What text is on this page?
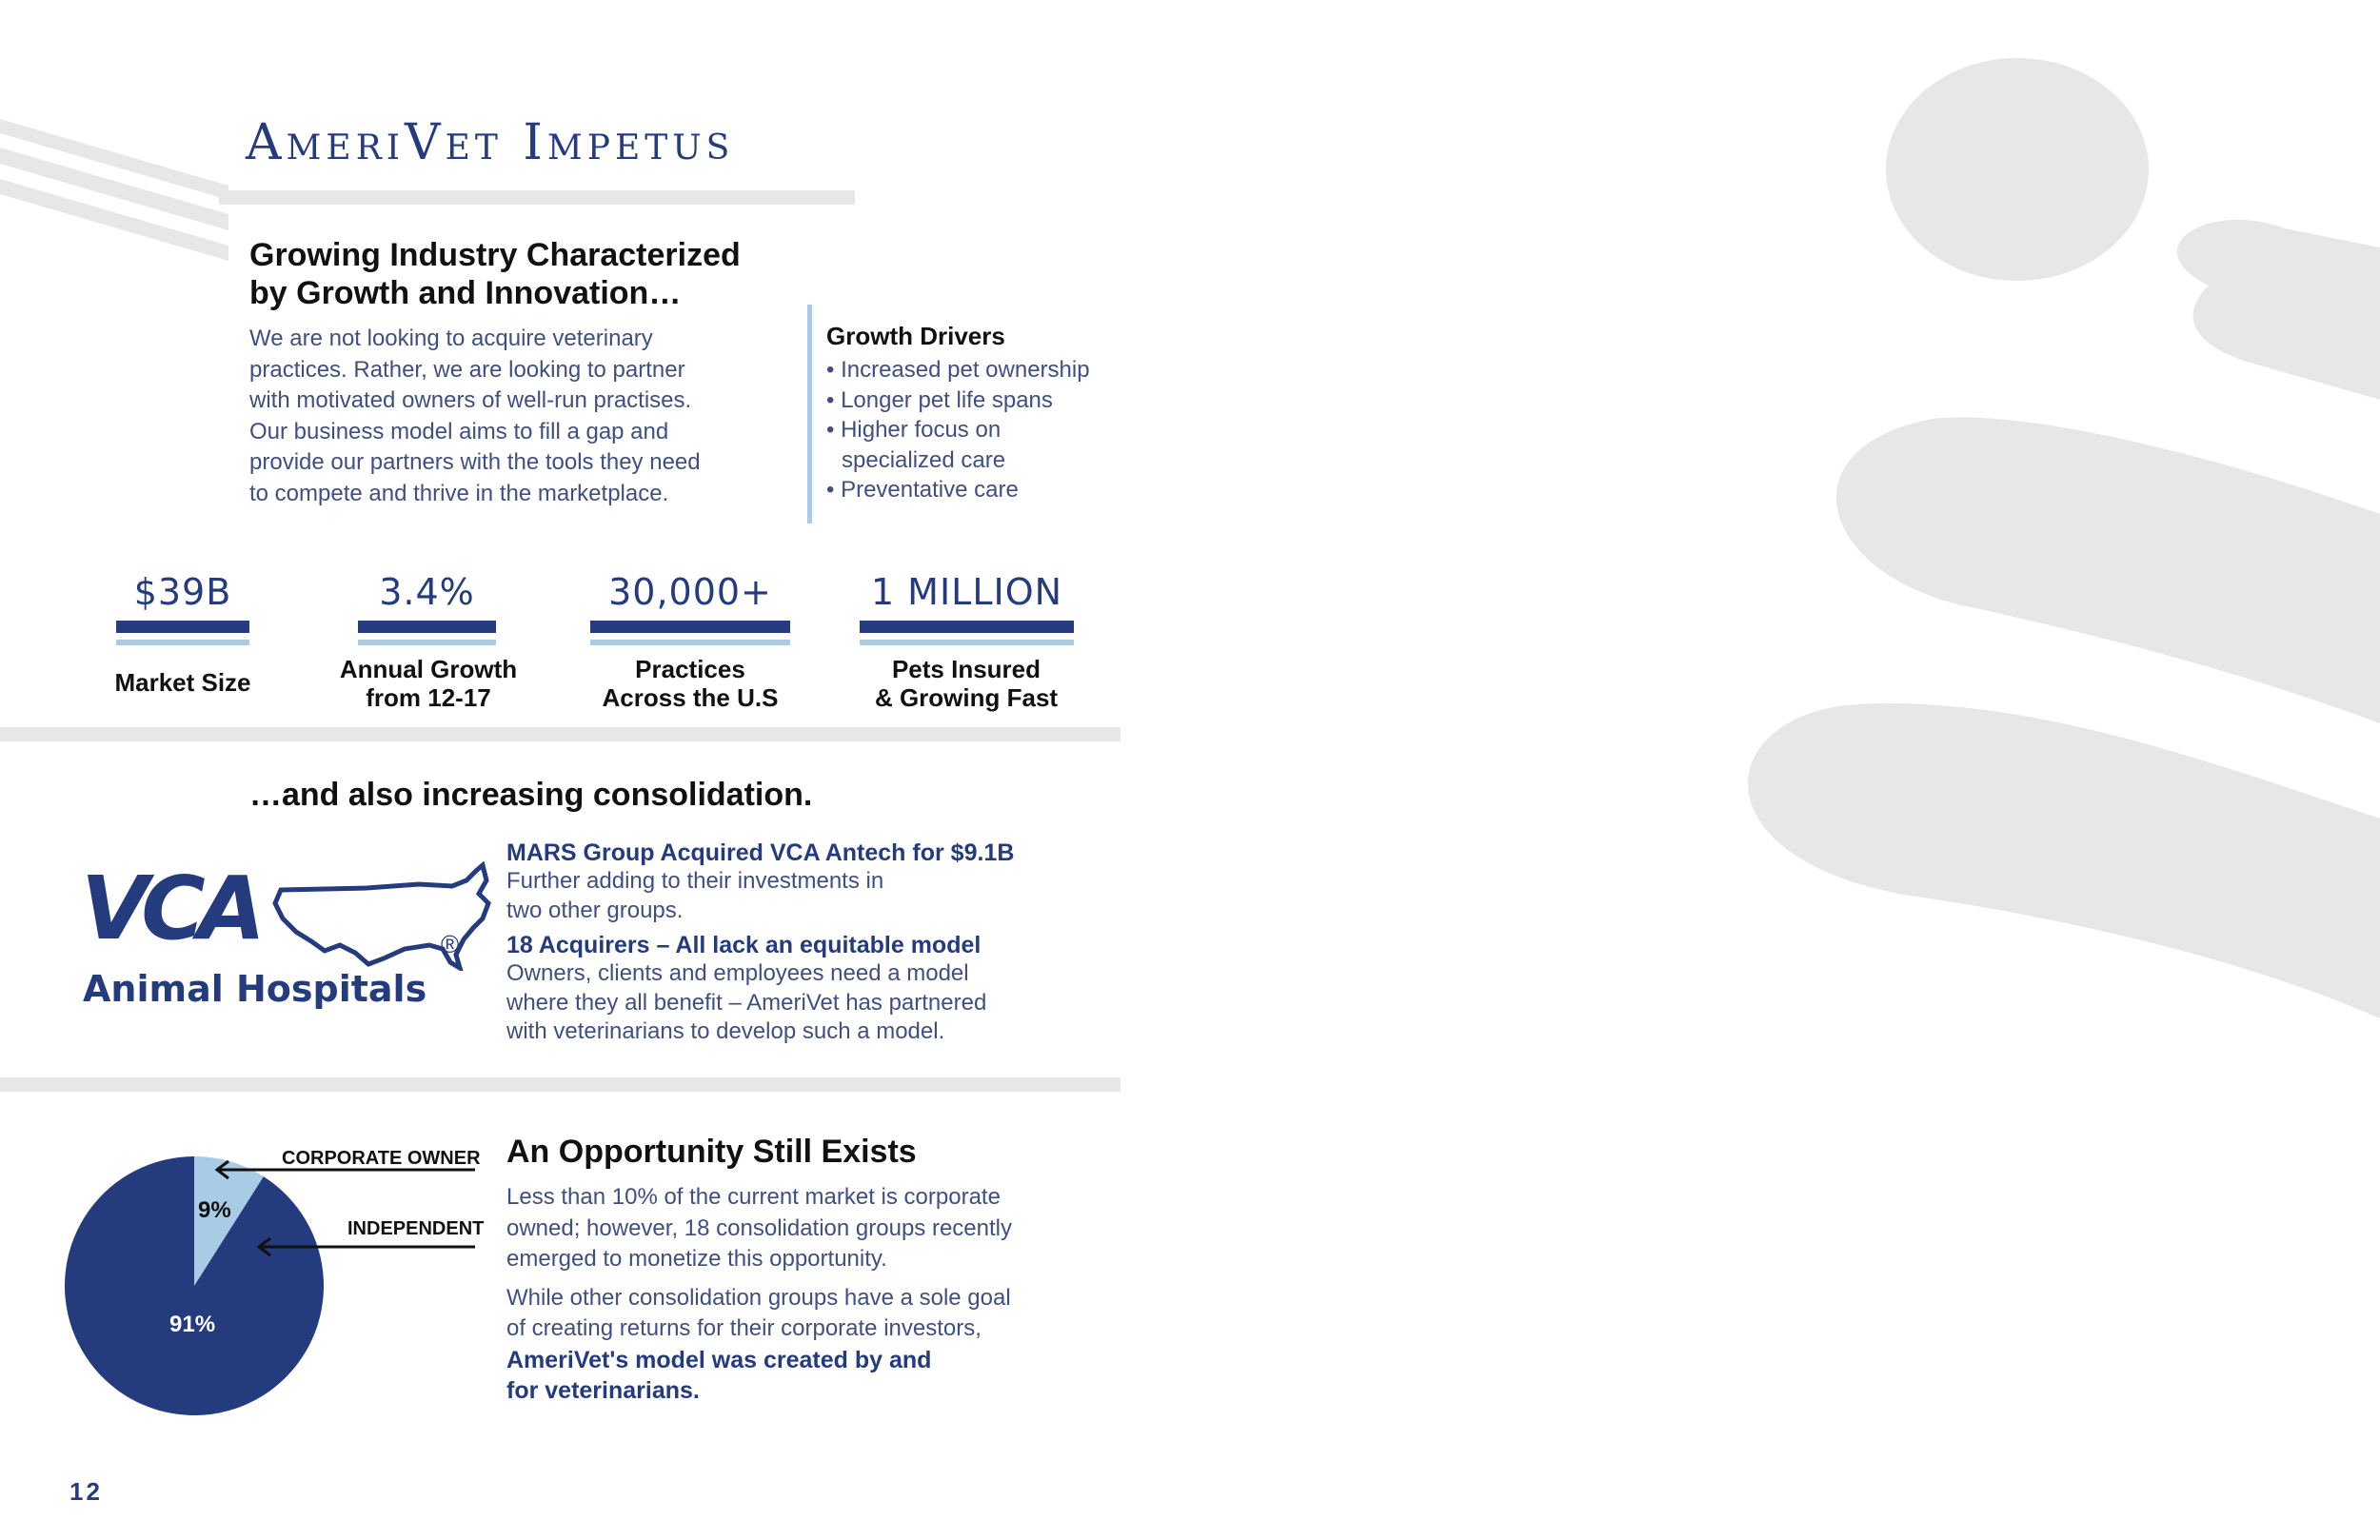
AmeriVet Impetus
Growing Industry Characterized
by Growth and Innovation…
We are not looking to acquire veterinary
practices. Rather, we are looking to partner
with motivated owners of well-run practises.
Our business model aims to fill a gap and
provide our partners with the tools they need
to compete and thrive in the marketplace.
Growth Drivers
• Increased pet ownership
• Longer pet life spans
• Higher focus on specialized care
• Preventative care
$39B
Market Size
3.4%
Annual Growth
from 12-17
30,000+
Practices
Across the U.S
1 MILLION
Pets Insured
& Growing Fast
…and also increasing consolidation.
VCA	®
Animal Hospitals
MARS Group Acquired VCA Antech for $9.1B
Further adding to their investments in
two other groups.
18 Acquirers – All lack an equitable model
Owners, clients and employees need a model
where they all benefit – AmeriVet has partnered
with veterinarians to develop such a model.
CORPORATE OWNER
INDEPENDENT
9%
91%
An Opportunity Still Exists
Less than 10% of the current market is corporate
owned; however, 18 consolidation groups recently
emerged to monetize this opportunity.
While other consolidation groups have a sole goal
of creating returns for their corporate investors,
AmeriVet's model was created by and
for veterinarians.
12
